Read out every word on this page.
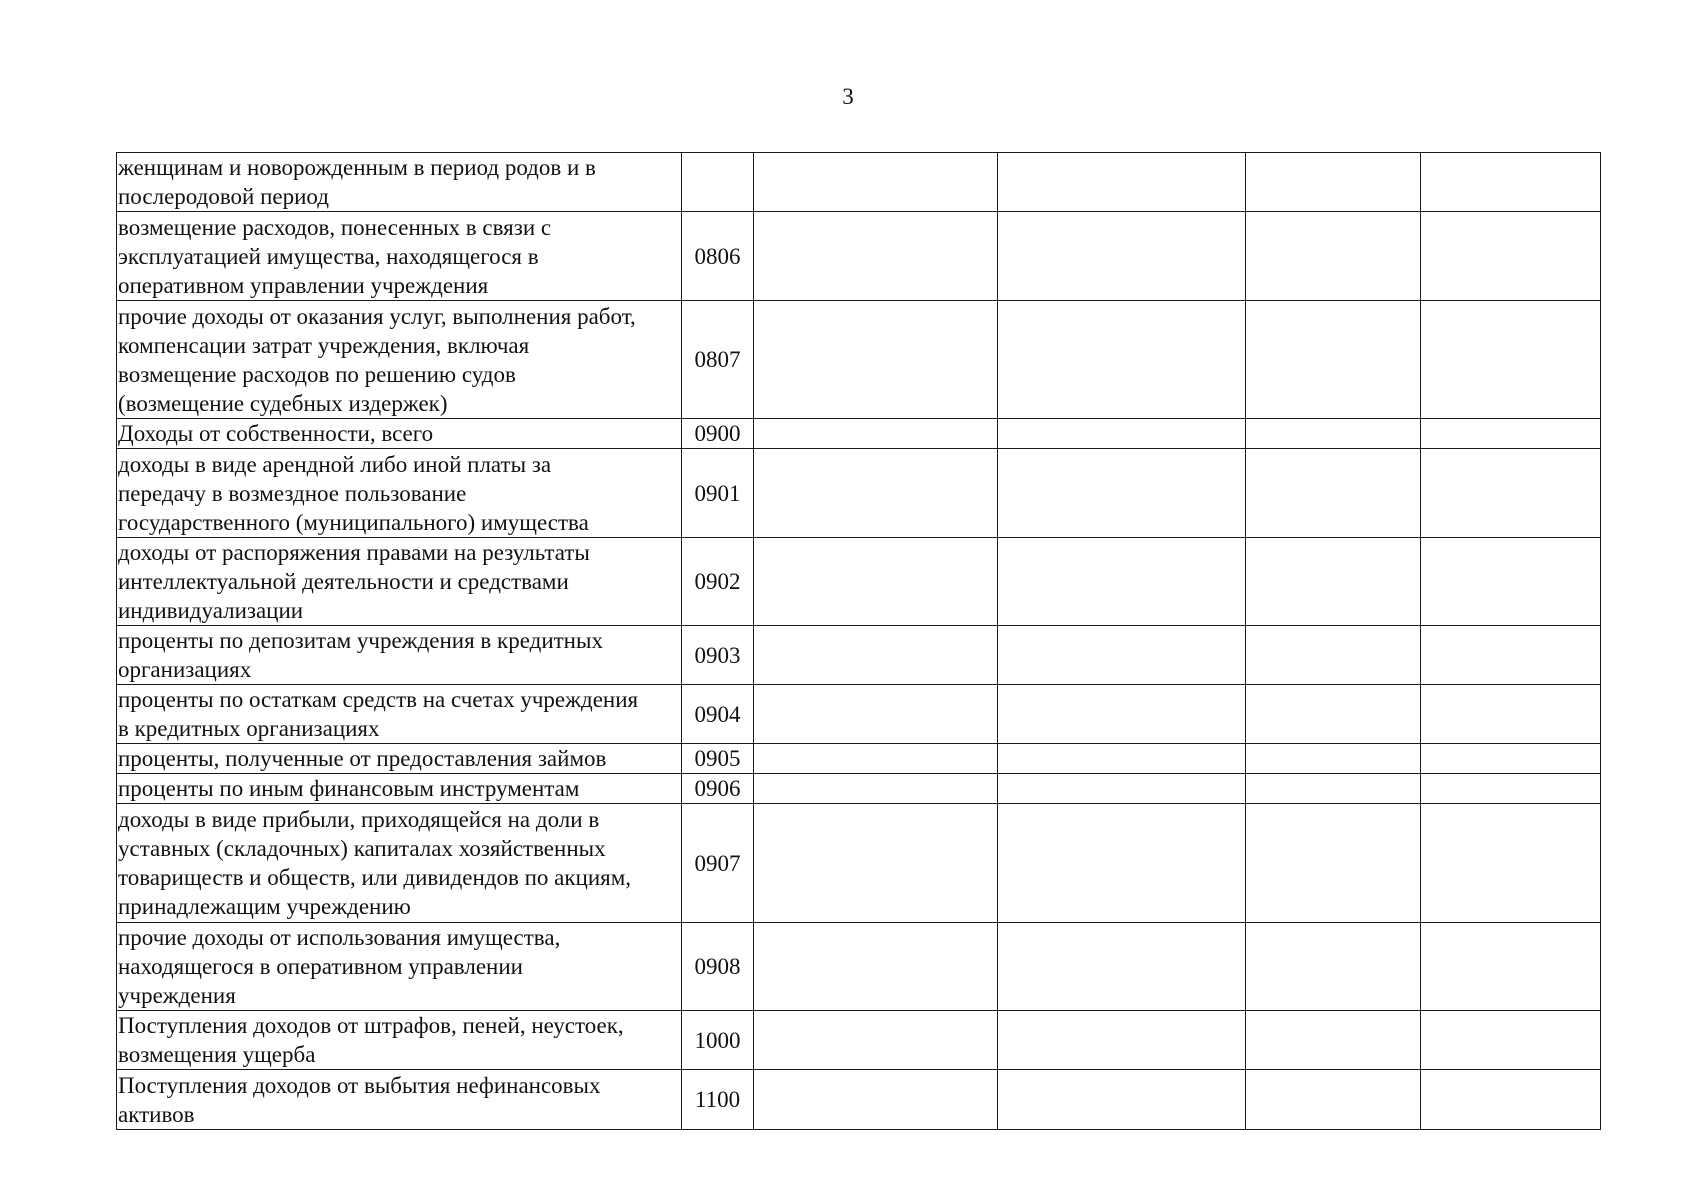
3
женщинам и новорожденным в период родов и в
послеродовой период					

возмещение расходов, понесенных в связи с
эксплуатацией имущества, находящегося в
оперативном управлении учреждения	0806				

прочие доходы от оказания услуг, выполнения работ,
компенсации затрат учреждения, включая
возмещение расходов по решению судов
(возмещение судебных издержек)	0807				

Доходы от собственности, всего	0900				

доходы в виде арендной либо иной платы за
передачу в возмездное пользование
государственного (муниципального) имущества	0901				

доходы от распоряжения правами на результаты
интеллектуальной деятельности и средствами
индивидуализации	0902				

проценты по депозитам учреждения в кредитных
организациях	0903				

проценты по остаткам средств на счетах учреждения
в кредитных организациях	0904				

проценты, полученные от предоставления займов	0905				

проценты по иным финансовым инструментам	0906				

доходы в виде прибыли, приходящейся на доли в
уставных (складочных) капиталах хозяйственных
товариществ и обществ, или дивидендов по акциям,
принадлежащим учреждению	0907				

прочие доходы от использования имущества,
находящегося в оперативном управлении
учреждения	0908				

Поступления доходов от штрафов, пеней, неустоек,
возмещения ущерба	1000				

Поступления доходов от выбытия нефинансовых
активов	1100				
